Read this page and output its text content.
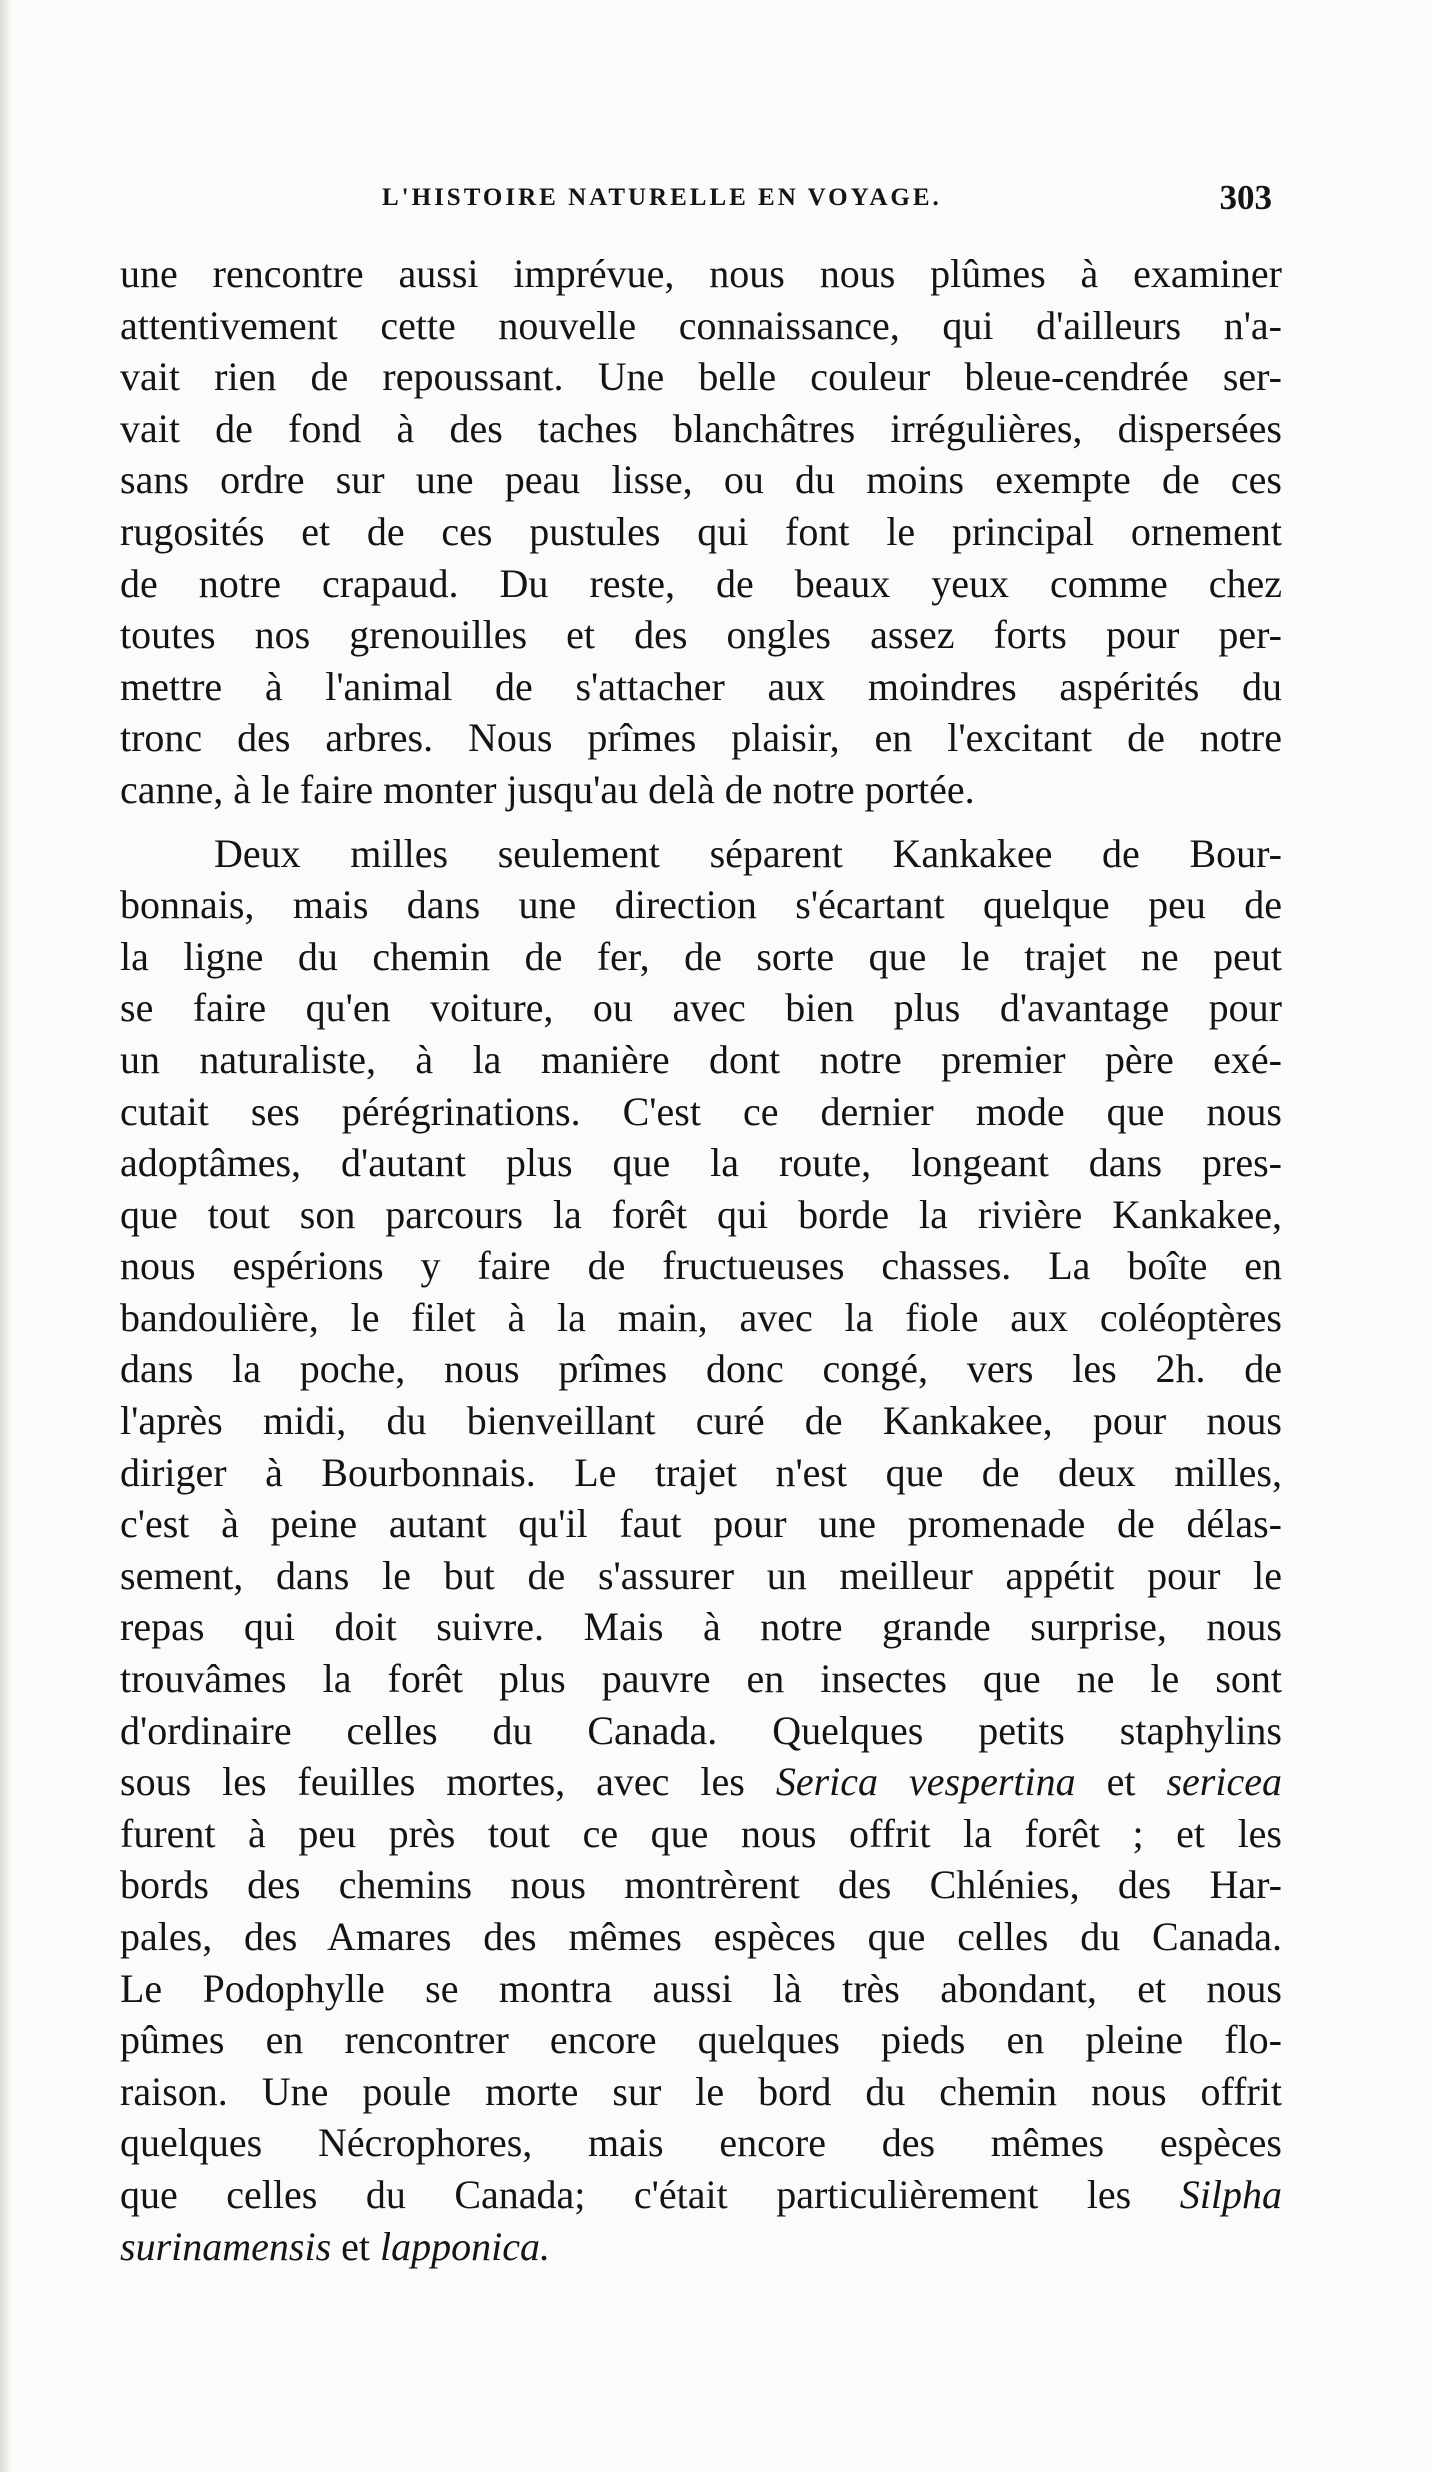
L'HISTOIRE NATURELLE EN VOYAGE.	303
une rencontre aussi imprévue, nous nous plûmes à examiner
attentivement cette nouvelle connaissance, qui d'ailleurs n'a-
vait rien de repoussant. Une belle couleur bleue-cendrée ser-
vait de fond à des taches blanchâtres irrégulières, dispersées
sans ordre sur une peau lisse, ou du moins exempte de ces
rugosités et de ces pustules qui font le principal ornement
de notre crapaud. Du reste, de beaux yeux comme chez
toutes nos grenouilles et des ongles assez forts pour per-
mettre à l'animal de s'attacher aux moindres aspérités du
tronc des arbres. Nous prîmes plaisir, en l'excitant de notre
canne, à le faire monter jusqu'au delà de notre portée.
Deux milles seulement séparent Kankakee de Bour-
bonnais, mais dans une direction s'écartant quelque peu de
la ligne du chemin de fer, de sorte que le trajet ne peut
se faire qu'en voiture, ou avec bien plus d'avantage pour
un naturaliste, à la manière dont notre premier père exé-
cutait ses pérégrinations. C'est ce dernier mode que nous
adoptâmes, d'autant plus que la route, longeant dans pres-
que tout son parcours la forêt qui borde la rivière Kankakee,
nous espérions y faire de fructueuses chasses. La boîte en
bandoulière, le filet à la main, avec la fiole aux coléoptères
dans la poche, nous prîmes donc congé, vers les 2h. de
l'après midi, du bienveillant curé de Kankakee, pour nous
diriger à Bourbonnais. Le trajet n'est que de deux milles,
c'est à peine autant qu'il faut pour une promenade de délas-
sement, dans le but de s'assurer un meilleur appétit pour le
repas qui doit suivre. Mais à notre grande surprise, nous
trouvâmes la forêt plus pauvre en insectes que ne le sont
d'ordinaire celles du Canada. Quelques petits staphylins
sous les feuilles mortes, avec les Serica vespertina et sericea
furent à peu près tout ce que nous offrit la forêt ; et les
bords des chemins nous montrèrent des Chlénies, des Har-
pales, des Amares des mêmes espèces que celles du Canada.
Le Podophylle se montra aussi là très abondant, et nous
pûmes en rencontrer encore quelques pieds en pleine flo-
raison. Une poule morte sur le bord du chemin nous offrit
quelques Nécrophores, mais encore des mêmes espèces
que celles du Canada; c'était particulièrement les Silpha
surinamensis et lapponica.
